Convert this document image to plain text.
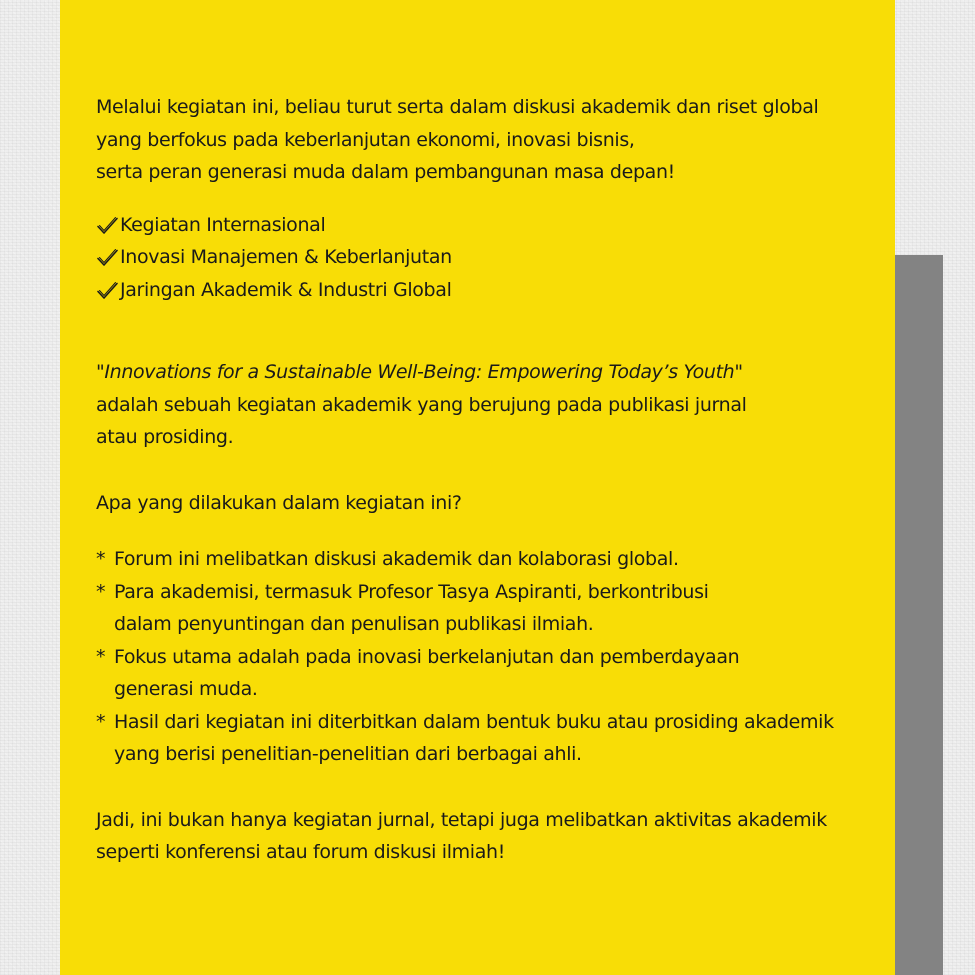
Melalui kegiatan ini, beliau turut serta dalam diskusi akademik dan riset global

yang berfokus pada keberlanjutan ekonomi, inovasi bisnis,

serta peran generasi muda dalam pembangunan masa depan!

Kegiatan Internasional
Inovasi Manajemen & Keberlanjutan
Jaringan Akademik & Industri Global

"Innovations for a Sustainable Well-Being: Empowering Today’s Youth"

adalah sebuah kegiatan akademik yang berujung pada publikasi jurnal

atau prosiding.

Apa yang dilakukan dalam kegiatan ini?

* Forum ini melibatkan diskusi akademik dan kolaborasi global.

* Para akademisi, termasuk Profesor Tasya Aspiranti, berkontribusi

dalam penyuntingan dan penulisan publikasi ilmiah.

* Fokus utama adalah pada inovasi berkelanjutan dan pemberdayaan

generasi muda.

* Hasil dari kegiatan ini diterbitkan dalam bentuk buku atau prosiding akademik

yang berisi penelitian-penelitian dari berbagai ahli.

Jadi, ini bukan hanya kegiatan jurnal, tetapi juga melibatkan aktivitas akademik

seperti konferensi atau forum diskusi ilmiah!
